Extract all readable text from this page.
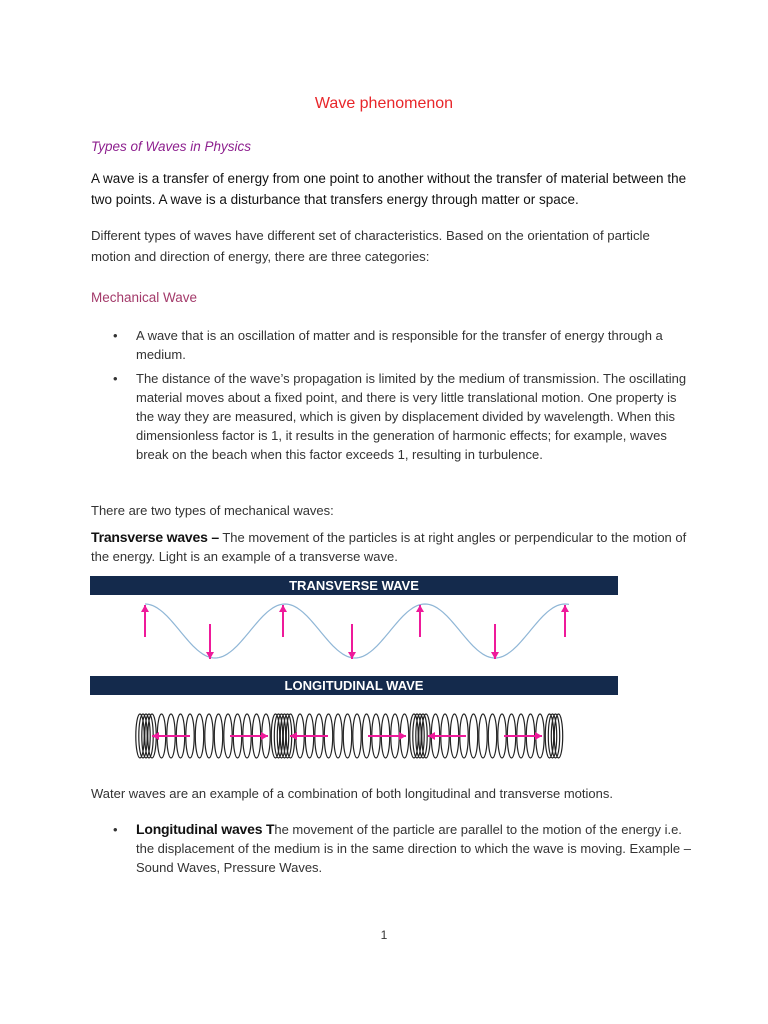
Wave phenomenon
Types of Waves in Physics
A wave is a transfer of energy from one point to another without the transfer of material between the two points. A wave is a disturbance that transfers energy through matter or space.
Different types of waves have different set of characteristics. Based on the orientation of particle motion and direction of energy, there are three categories:
Mechanical Wave
• A wave that is an oscillation of matter and is responsible for the transfer of energy through a medium.
• The distance of the wave’s propagation is limited by the medium of transmission. The oscillating material moves about a fixed point, and there is very little translational motion. One property is the way they are measured, which is given by displacement divided by wavelength. When this dimensionless factor is 1, it results in the generation of harmonic effects; for example, waves break on the beach when this factor exceeds 1, resulting in turbulence.
There are two types of mechanical waves:
Transverse waves – The movement of the particles is at right angles or perpendicular to the motion of the energy. Light is an example of a transverse wave.
TRANSVERSE WAVE
LONGITUDINAL WAVE
Water waves are an example of a combination of both longitudinal and transverse motions.
• Longitudinal waves The movement of the particle are parallel to the motion of the energy i.e. the displacement of the medium is in the same direction to which the wave is moving. Example – Sound Waves, Pressure Waves.
1
